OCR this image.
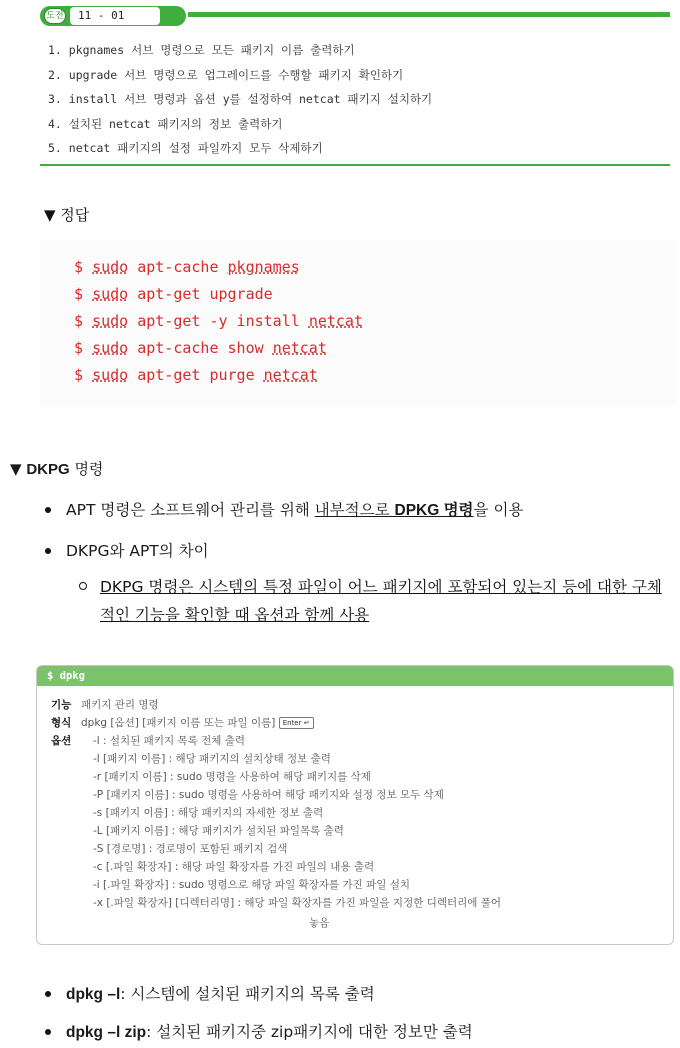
도전	11 - 01
1. pkgnames 서브 명령으로 모든 패키지 이름 출력하기
2. upgrade 서브 명령으로 업그레이드를 수행할 패키지 확인하기
3. install 서브 명령과 옵션 y를 설정하여 netcat 패키지 설치하기
4. 설치된 netcat 패키지의 정보 출력하기
5. netcat 패키지의 설정 파일까지 모두 삭제하기
▼ 정답
$ sudo apt-cache pkgnames
$ sudo apt-get upgrade
$ sudo apt-get -y install netcat
$ sudo apt-cache show netcat
$ sudo apt-get purge netcat
▼ DKPG 명령
APT 명령은 소프트웨어 관리를 위해 내부적으로 DPKG 명령을 이용
DKPG와 APT의 차이
DKPG 명령은 시스템의 특정 파일이 어느 패키지에 포함되어 있는지 등에 대한 구체적인 기능을 확인할 때 옵션과 함께 사용
$ dpkg
기능 패키지 관리 명령
형식 dpkg [옵션] [패키지 이름 또는 파일 이름] Enter ↵
옵션	-l : 설치된 패키지 목록 전체 출력
-l [패키지 이름] : 해당 패키지의 설치상태 정보 출력
-r [패키지 이름] : sudo 명령을 사용하여 해당 패키지를 삭제
-P [패키지 이름] : sudo 명령을 사용하여 해당 패키지와 설정 정보 모두 삭제
-s [패키지 이름] : 해당 패키지의 자세한 정보 출력
-L [패키지 이름] : 해당 패키지가 설치된 파일목록 출력
-S [경로명] : 경로명이 포함된 패키지 검색
-c [.파일 확장자] : 해당 파일 확장자를 가진 파일의 내용 출력
-i [.파일 확장자] : sudo 명령으로 해당 파일 확장자를 가진 파일 설치
-x [.파일 확장자] [디렉터리명] : 해당 파일 확장자를 가진 파일을 지정한 디렉터리에 풀어
놓음
dpkg –l: 시스템에 설치된 패키지의 목록 출력
dpkg –l zip: 설치된 패키지중 zip패키지에 대한 정보만 출력
